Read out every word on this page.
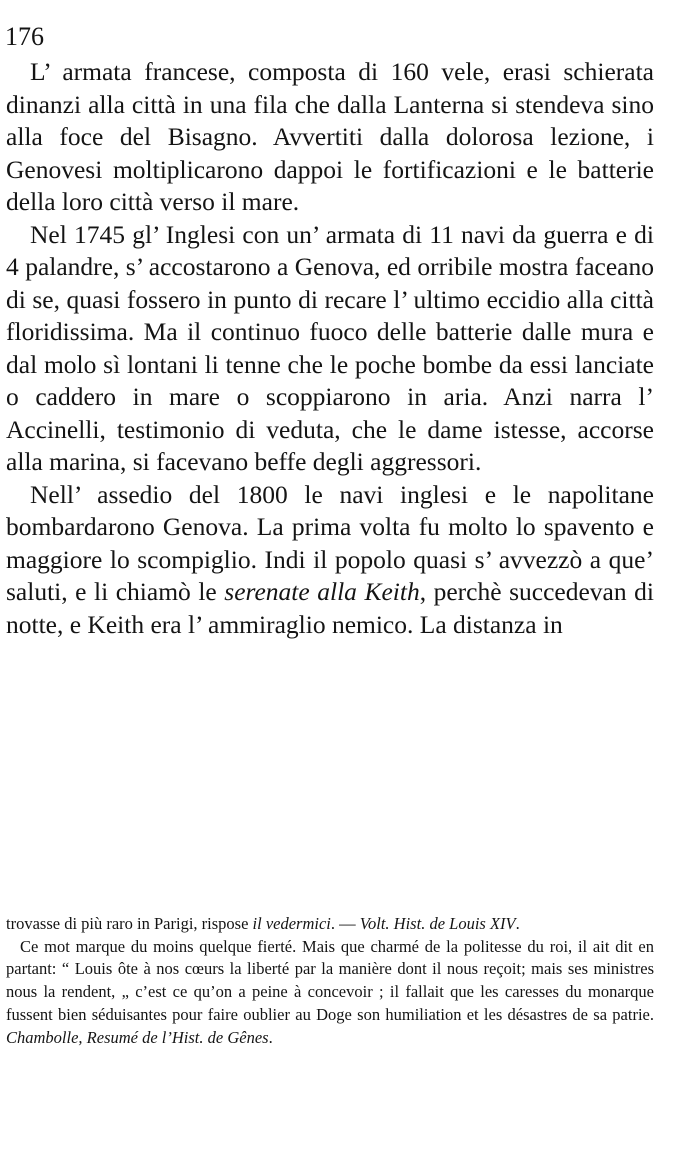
176

L’ armata francese, composta di 160 vele, erasi schierata dinanzi alla città in una fila che dalla Lanterna si stendeva sino alla foce del Bisagno. Avvertiti dalla dolorosa lezione, i Genovesi moltiplicarono dappoi le fortificazioni e le batterie della loro città verso il mare.

Nel 1745 gl’ Inglesi con un’ armata di 11 navi da guerra e di 4 palandre, s’ accostarono a Genova, ed orribile mostra faceano di se, quasi fossero in punto di recare l’ ultimo eccidio alla città floridissima. Ma il continuo fuoco delle batterie dalle mura e dal molo sì lontani li tenne che le poche bombe da essi lanciate o caddero in mare o scoppiarono in aria. Anzi narra l’ Accinelli, testimonio di veduta, che le dame istesse, accorse alla marina, si facevano beffe degli aggressori.

Nell’ assedio del 1800 le navi inglesi e le napolitane bombardarono Genova. La prima volta fu molto lo spavento e maggiore lo scompiglio. Indi il popolo quasi s’ avvezzò a que’ saluti, e li chiamò le serenate alla Keith, perchè succedevan di notte, e Keith era l’ ammiraglio nemico. La distanza in

trovasse di più raro in Parigi, rispose il vedermici. — Volt. Hist. de Louis XIV.

Ce mot marque du moins quelque fierté. Mais que charmé de la politesse du roi, il ait dit en partant: “ Louis ôte à nos cœurs la liberté par la manière dont il nous reçoit; mais ses ministres nous la rendent, „ c’est ce qu’on a peine à concevoir ; il fallait que les caresses du monarque fussent bien séduisantes pour faire oublier au Doge son humiliation et les désastres de sa patrie. Chambolle, Resumé de l’Hist. de Gênes.
